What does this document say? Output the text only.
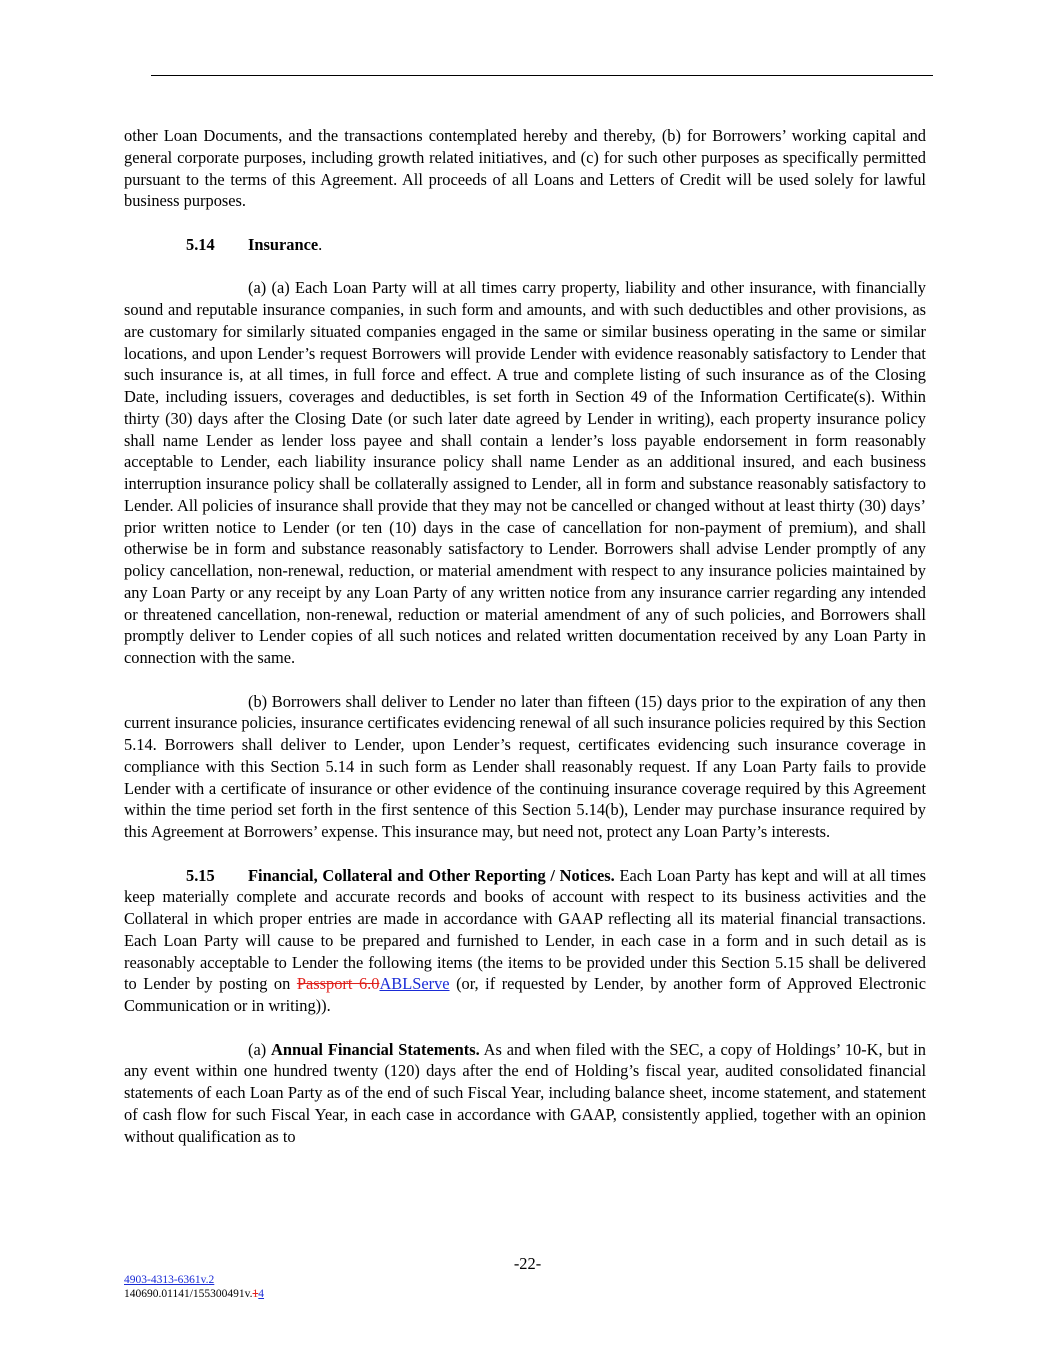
other Loan Documents, and the transactions contemplated hereby and thereby, (b) for Borrowers’ working capital and general corporate purposes, including growth related initiatives, and (c) for such other purposes as specifically permitted pursuant to the terms of this Agreement. All proceeds of all Loans and Letters of Credit will be used solely for lawful business purposes.

5.14 Insurance.

(a) (a) Each Loan Party will at all times carry property, liability and other insurance, with financially sound and reputable insurance companies, in such form and amounts, and with such deductibles and other provisions, as are customary for similarly situated companies engaged in the same or similar business operating in the same or similar locations, and upon Lender’s request Borrowers will provide Lender with evidence reasonably satisfactory to Lender that such insurance is, at all times, in full force and effect. A true and complete listing of such insurance as of the Closing Date, including issuers, coverages and deductibles, is set forth in Section 49 of the Information Certificate(s). Within thirty (30) days after the Closing Date (or such later date agreed by Lender in writing), each property insurance policy shall name Lender as lender loss payee and shall contain a lender’s loss payable endorsement in form reasonably acceptable to Lender, each liability insurance policy shall name Lender as an additional insured, and each business interruption insurance policy shall be collaterally assigned to Lender, all in form and substance reasonably satisfactory to Lender. All policies of insurance shall provide that they may not be cancelled or changed without at least thirty (30) days’ prior written notice to Lender (or ten (10) days in the case of cancellation for non-payment of premium), and shall otherwise be in form and substance reasonably satisfactory to Lender. Borrowers shall advise Lender promptly of any policy cancellation, non-renewal, reduction, or material amendment with respect to any insurance policies maintained by any Loan Party or any receipt by any Loan Party of any written notice from any insurance carrier regarding any intended or threatened cancellation, non-renewal, reduction or material amendment of any of such policies, and Borrowers shall promptly deliver to Lender copies of all such notices and related written documentation received by any Loan Party in connection with the same.

(b) Borrowers shall deliver to Lender no later than fifteen (15) days prior to the expiration of any then current insurance policies, insurance certificates evidencing renewal of all such insurance policies required by this Section 5.14. Borrowers shall deliver to Lender, upon Lender’s request, certificates evidencing such insurance coverage in compliance with this Section 5.14 in such form as Lender shall reasonably request. If any Loan Party fails to provide Lender with a certificate of insurance or other evidence of the continuing insurance coverage required by this Agreement within the time period set forth in the first sentence of this Section 5.14(b), Lender may purchase insurance required by this Agreement at Borrowers’ expense. This insurance may, but need not, protect any Loan Party’s interests.

5.15 Financial, Collateral and Other Reporting / Notices. Each Loan Party has kept and will at all times keep materially complete and accurate records and books of account with respect to its business activities and the Collateral in which proper entries are made in accordance with GAAP reflecting all its material financial transactions. Each Loan Party will cause to be prepared and furnished to Lender, in each case in a form and in such detail as is reasonably acceptable to Lender the following items (the items to be provided under this Section 5.15 shall be delivered to Lender by posting on Passport 6.0ABLServe (or, if requested by Lender, by another form of Approved Electronic Communication or in writing)).

(a) Annual Financial Statements. As and when filed with the SEC, a copy of Holdings’ 10-K, but in any event within one hundred twenty (120) days after the end of Holding’s fiscal year, audited consolidated financial statements of each Loan Party as of the end of such Fiscal Year, including balance sheet, income statement, and statement of cash flow for such Fiscal Year, in each case in accordance with GAAP, consistently applied, together with an opinion without qualification as to

-22-
4903-4313-6361v.2
140690.01141/155300491v.14
